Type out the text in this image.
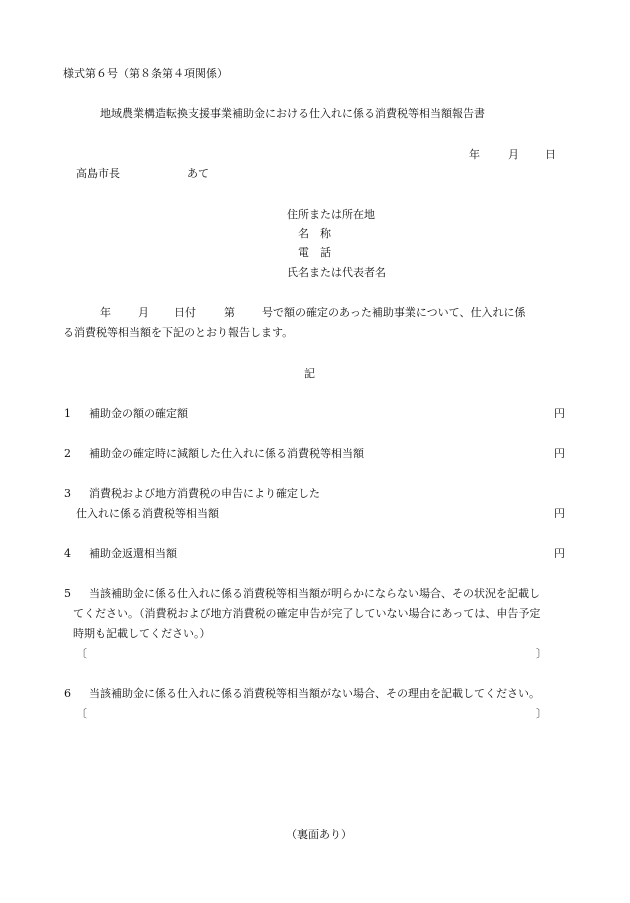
様式第６号（第８条第４項関係）
地域農業構造転換支援事業補助金における仕入れに係る消費税等相当額報告書
年	月 日
高島市長	あて
住所または所在地
名　称
電　話
氏名または代表者名
年 月 日付	第 号で額の確定のあった補助事業について、仕入れに係
る消費税等相当額を下記のとおり報告します。
記
1 補助金の額の確定額	円
2 補助金の確定時に減額した仕入れに係る消費税等相当額	円
3 消費税および地方消費税の申告により確定した
仕入れに係る消費税等相当額	円
4 補助金返還相当額	円
5 当該補助金に係る仕入れに係る消費税等相当額が明らかにならない場合、その状況を記載し
てください。（消費税および地方消費税の確定申告が完了していない場合にあっては、申告予定
時期も記載してください。）
〔	〕
6 当該補助金に係る仕入れに係る消費税等相当額がない場合、その理由を記載してください。
〔	〕
（裏面あり）
